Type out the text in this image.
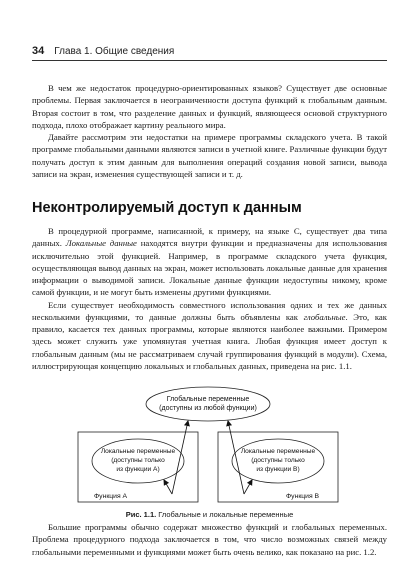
34 Глава 1. Общие сведения

В чем же недостаток процедурно-ориентированных языков? Существует две основные проблемы. Первая заключается в неограниченности доступа функций к глобальным данным. Вторая состоит в том, что разделение данных и функций, являющееся основой структурного подхода, плохо отображает картину реального мира.

Давайте рассмотрим эти недостатки на примере программы складского учета. В такой программе глобальными данными являются записи в учетной книге. Различные функции будут получать доступ к этим данным для выполнения операций создания новой записи, вывода записи на экран, изменения существующей записи и т. д.

Неконтролируемый доступ к данным

В процедурной программе, написанной, к примеру, на языке С, существует два типа данных. Локальные данные находятся внутри функции и предназначены для использования исключительно этой функцией. Например, в программе складского учета функция, осуществляющая вывод данных на экран, может использовать локальные данные для хранения информации о выводимой записи. Локальные данные функции недоступны никому, кроме самой функции, и не могут быть изменены другими функциями.

Если существует необходимость совместного использования одних и тех же данных несколькими функциями, то данные должны быть объявлены как глобальные. Это, как правило, касается тех данных программы, которые являются наиболее важными. Примером здесь может служить уже упомянутая учетная книга. Любая функция имеет доступ к глобальным данным (мы не рассматриваем случай группирования функций в модули). Схема, иллюстрирующая концепцию локальных и глобальных данных, приведена на рис. 1.1.

Глобальные переменные
(доступны из любой функции)
Локальные переменные
(доступны только
из функции А)
Локальные переменные
(доступны только
из функции В)
Функция А	Функция В
Рис. 1.1. Глобальные и локальные переменные

Большие программы обычно содержат множество функций и глобальных переменных. Проблема процедурного подхода заключается в том, что число возможных связей между глобальными переменными и функциями может быть очень велико, как показано на рис. 1.2.
